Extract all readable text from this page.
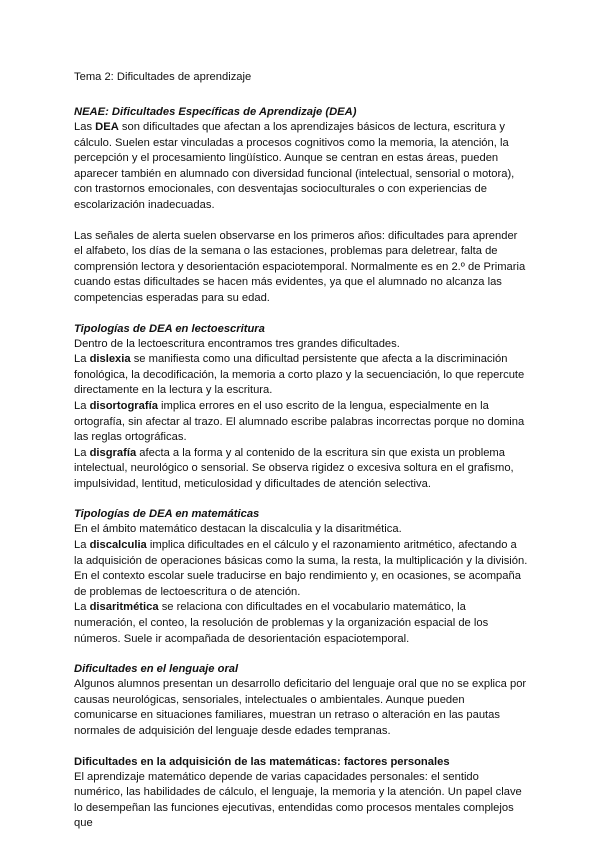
Tema 2: Dificultades de aprendizaje
NEAE: Dificultades Específicas de Aprendizaje (DEA)

Las DEA son dificultades que afectan a los aprendizajes básicos de lectura, escritura y cálculo. Suelen estar vinculadas a procesos cognitivos como la memoria, la atención, la percepción y el procesamiento lingüístico. Aunque se centran en estas áreas, pueden aparecer también en alumnado con diversidad funcional (intelectual, sensorial o motora), con trastornos emocionales, con desventajas socioculturales o con experiencias de escolarización inadecuadas.

Las señales de alerta suelen observarse en los primeros años: dificultades para aprender el alfabeto, los días de la semana o las estaciones, problemas para deletrear, falta de comprensión lectora y desorientación espaciotemporal. Normalmente es en 2.º de Primaria cuando estas dificultades se hacen más evidentes, ya que el alumnado no alcanza las competencias esperadas para su edad.

Tipologías de DEA en lectoescritura

Dentro de la lectoescritura encontramos tres grandes dificultades.

La dislexia se manifiesta como una dificultad persistente que afecta a la discriminación fonológica, la decodificación, la memoria a corto plazo y la secuenciación, lo que repercute directamente en la lectura y la escritura.

La disortografía implica errores en el uso escrito de la lengua, especialmente en la ortografía, sin afectar al trazo. El alumnado escribe palabras incorrectas porque no domina las reglas ortográficas.

La disgrafía afecta a la forma y al contenido de la escritura sin que exista un problema intelectual, neurológico o sensorial. Se observa rigidez o excesiva soltura en el grafismo, impulsividad, lentitud, meticulosidad y dificultades de atención selectiva.

Tipologías de DEA en matemáticas

En el ámbito matemático destacan la discalculia y la disaritmética.

La discalculia implica dificultades en el cálculo y el razonamiento aritmético, afectando a la adquisición de operaciones básicas como la suma, la resta, la multiplicación y la división. En el contexto escolar suele traducirse en bajo rendimiento y, en ocasiones, se acompaña de problemas de lectoescritura o de atención.

La disaritmética se relaciona con dificultades en el vocabulario matemático, la numeración, el conteo, la resolución de problemas y la organización espacial de los números. Suele ir acompañada de desorientación espaciotemporal.

Dificultades en el lenguaje oral

Algunos alumnos presentan un desarrollo deficitario del lenguaje oral que no se explica por causas neurológicas, sensoriales, intelectuales o ambientales. Aunque pueden comunicarse en situaciones familiares, muestran un retraso o alteración en las pautas normales de adquisición del lenguaje desde edades tempranas.

Dificultades en la adquisición de las matemáticas: factores personales

El aprendizaje matemático depende de varias capacidades personales: el sentido numérico, las habilidades de cálculo, el lenguaje, la memoria y la atención. Un papel clave lo desempeñan las funciones ejecutivas, entendidas como procesos mentales complejos que
